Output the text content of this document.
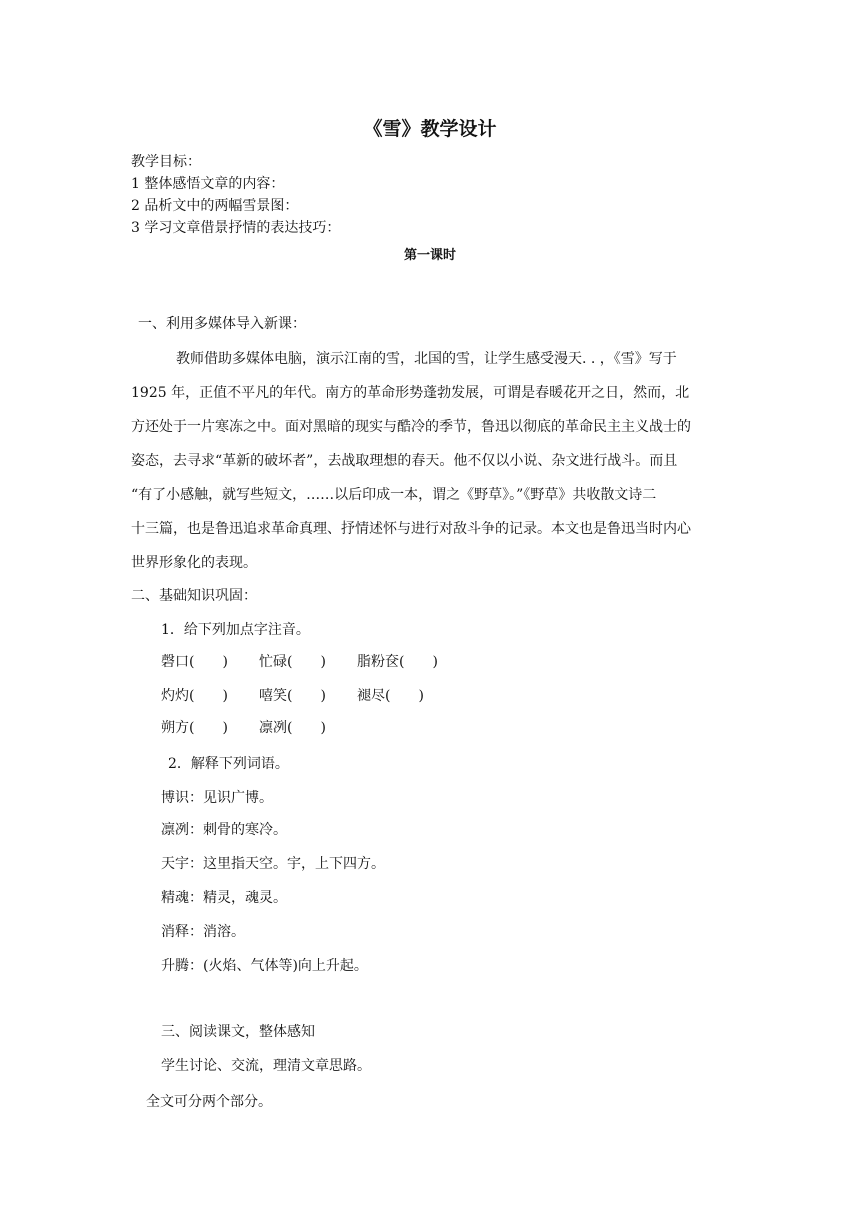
《雪》教学设计
教学目标：
1 整体感悟文章的内容：
2 品析文中的两幅雪景图：
3 学习文章借景抒情的表达技巧：
第一课时
一、利用多媒体导入新课：
教师借助多媒体电脑，演示江南的雪，北国的雪，让学生感受漫天. . ，《雪》写于
1925 年，正值不平凡的年代。南方的革命形势蓬勃发展，可谓是春暖花开之日，然而，北
方还处于一片寒冻之中。面对黑暗的现实与酷冷的季节，鲁迅以彻底的革命民主主义战士的
姿态，去寻求“革新的破坏者”，去战取理想的春天。他不仅以小说、杂文进行战斗。而且
“有了小感触，就写些短文，……以后印成一本，谓之《野草》。”《野草》共收散文诗二
十三篇，也是鲁迅追求革命真理、抒情述怀与进行对敌斗争的记录。本文也是鲁迅当时内心
世界形象化的表现。
二、基础知识巩固：
1．给下列加点字注音。
磬口(　　) 忙碌(　　) 脂粉奁(　　)
灼灼(　　) 嘻笑(　　) 褪尽(　　)
朔方(　　) 凛冽(　　)
2．解释下列词语。
博识：见识广博。
凛冽：刺骨的寒冷。
天宇：这里指天空。宇，上下四方。
精魂：精灵，魂灵。
消释：消溶。
升腾：(火焰、气体等)向上升起。
三、阅读课文，整体感知
学生讨论、交流，理清文章思路。
全文可分两个部分。
